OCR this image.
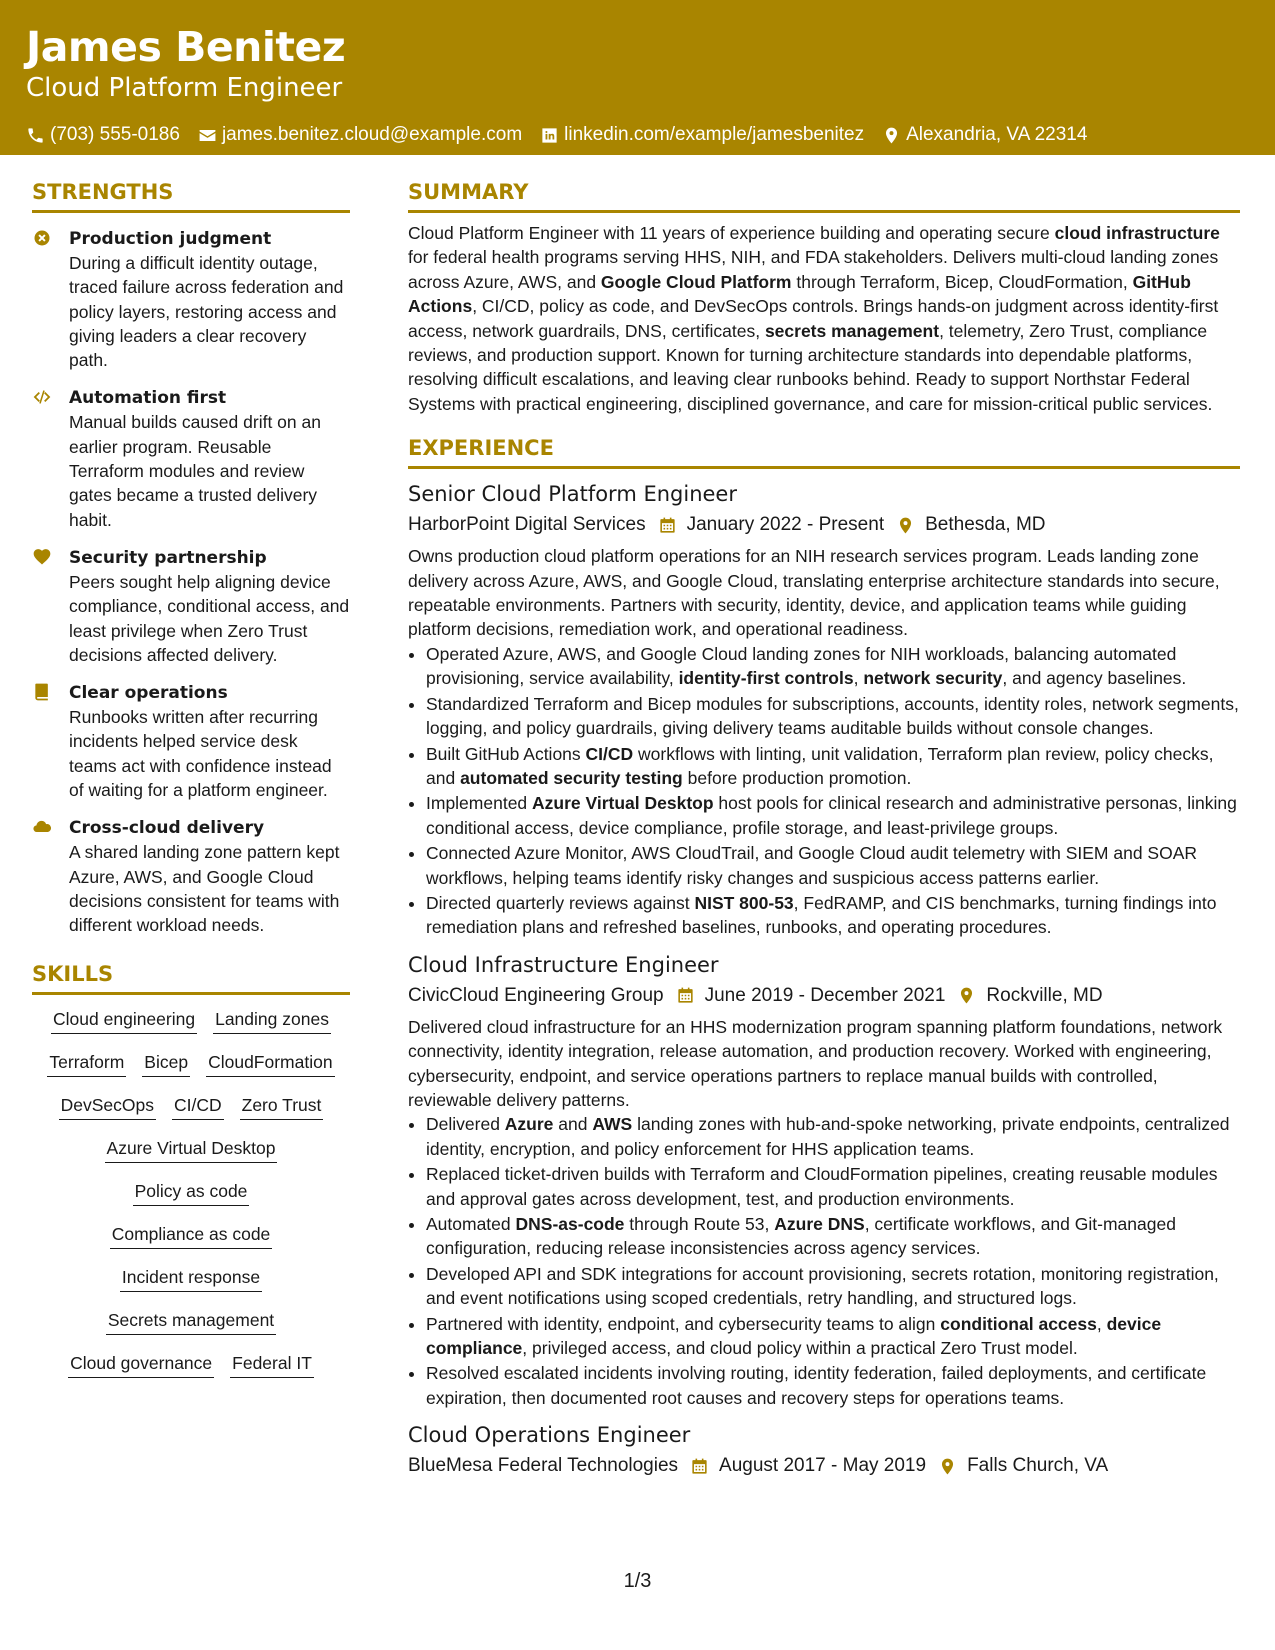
James Benitez
Cloud Platform Engineer
(703) 555-0186 james.benitez.cloud@example.com linkedin.com/example/jamesbenitez Alexandria, VA 22314
STRENGTHS
Production judgment
During a difficult identity outage, traced failure across federation and policy layers, restoring access and giving leaders a clear recovery path.
Automation first
Manual builds caused drift on an earlier program. Reusable Terraform modules and review gates became a trusted delivery habit.
Security partnership
Peers sought help aligning device compliance, conditional access, and least privilege when Zero Trust decisions affected delivery.
Clear operations
Runbooks written after recurring incidents helped service desk teams act with confidence instead of waiting for a platform engineer.
Cross-cloud delivery
A shared landing zone pattern kept Azure, AWS, and Google Cloud decisions consistent for teams with different workload needs.
SKILLS
Cloud engineering Landing zones
Terraform Bicep CloudFormation
DevSecOps CI/CD Zero Trust
Azure Virtual Desktop
Policy as code
Compliance as code
Incident response
Secrets management
Cloud governance Federal IT
SUMMARY
Cloud Platform Engineer with 11 years of experience building and operating secure cloud infrastructure for federal health programs serving HHS, NIH, and FDA stakeholders. Delivers multi-cloud landing zones across Azure, AWS, and Google Cloud Platform through Terraform, Bicep, CloudFormation, GitHub Actions, CI/CD, policy as code, and DevSecOps controls. Brings hands-on judgment across identity-first access, network guardrails, DNS, certificates, secrets management, telemetry, Zero Trust, compliance reviews, and production support. Known for turning architecture standards into dependable platforms, resolving difficult escalations, and leaving clear runbooks behind. Ready to support Northstar Federal Systems with practical engineering, disciplined governance, and care for mission-critical public services.
EXPERIENCE
Senior Cloud Platform Engineer
HarborPoint Digital Services January 2022 - Present Bethesda, MD
Owns production cloud platform operations for an NIH research services program. Leads landing zone delivery across Azure, AWS, and Google Cloud, translating enterprise architecture standards into secure, repeatable environments. Partners with security, identity, device, and application teams while guiding platform decisions, remediation work, and operational readiness.
• Operated Azure, AWS, and Google Cloud landing zones for NIH workloads, balancing automated provisioning, service availability, identity-first controls, network security, and agency baselines.
• Standardized Terraform and Bicep modules for subscriptions, accounts, identity roles, network segments, logging, and policy guardrails, giving delivery teams auditable builds without console changes.
• Built GitHub Actions CI/CD workflows with linting, unit validation, Terraform plan review, policy checks, and automated security testing before production promotion.
• Implemented Azure Virtual Desktop host pools for clinical research and administrative personas, linking conditional access, device compliance, profile storage, and least-privilege groups.
• Connected Azure Monitor, AWS CloudTrail, and Google Cloud audit telemetry with SIEM and SOAR workflows, helping teams identify risky changes and suspicious access patterns earlier.
• Directed quarterly reviews against NIST 800-53, FedRAMP, and CIS benchmarks, turning findings into remediation plans and refreshed baselines, runbooks, and operating procedures.
Cloud Infrastructure Engineer
CivicCloud Engineering Group June 2019 - December 2021 Rockville, MD
Delivered cloud infrastructure for an HHS modernization program spanning platform foundations, network connectivity, identity integration, release automation, and production recovery. Worked with engineering, cybersecurity, endpoint, and service operations partners to replace manual builds with controlled, reviewable delivery patterns.
• Delivered Azure and AWS landing zones with hub-and-spoke networking, private endpoints, centralized identity, encryption, and policy enforcement for HHS application teams.
• Replaced ticket-driven builds with Terraform and CloudFormation pipelines, creating reusable modules and approval gates across development, test, and production environments.
• Automated DNS-as-code through Route 53, Azure DNS, certificate workflows, and Git-managed configuration, reducing release inconsistencies across agency services.
• Developed API and SDK integrations for account provisioning, secrets rotation, monitoring registration, and event notifications using scoped credentials, retry handling, and structured logs.
• Partnered with identity, endpoint, and cybersecurity teams to align conditional access, device compliance, privileged access, and cloud policy within a practical Zero Trust model.
• Resolved escalated incidents involving routing, identity federation, failed deployments, and certificate expiration, then documented root causes and recovery steps for operations teams.
Cloud Operations Engineer
BlueMesa Federal Technologies August 2017 - May 2019 Falls Church, VA
1/3
